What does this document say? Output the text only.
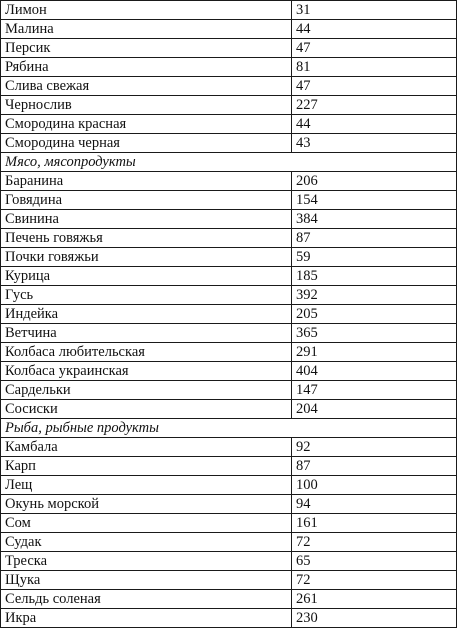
Лимон	31
Малина	44
Персик	47
Рябина	81
Слива свежая	47
Чернослив	227
Смородина красная	44
Смородина черная	43
Мясо, мясопродукты	
Баранина	206
Говядина	154
Свинина	384
Печень говяжья	87
Почки говяжьи	59
Курица	185
Гусь	392
Индейка	205
Ветчина	365
Колбаса любительская	291
Колбаса украинская	404
Сардельки	147
Сосиски	204
Рыба, рыбные продукты	
Камбала	92
Карп	87
Лещ	100
Окунь морской	94
Сом	161
Судак	72
Треска	65
Щука	72
Сельдь соленая	261
Икра	230
